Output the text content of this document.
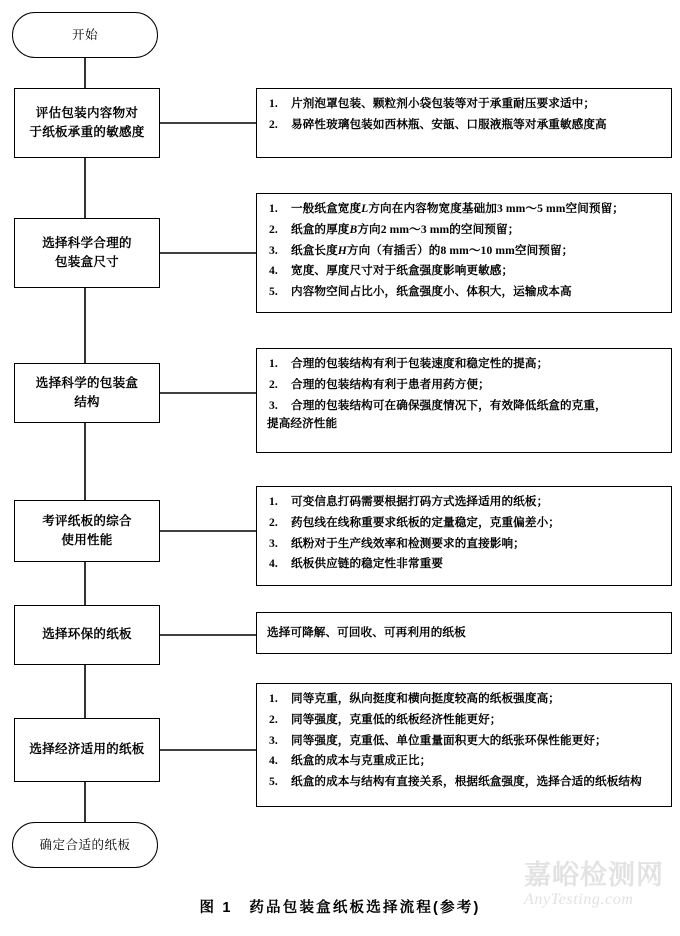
开始
评估包装内容物对
于纸板承重的敏感度
选择科学合理的
包装盒尺寸
选择科学的包装盒
结构
考评纸板的综合
使用性能
选择环保的纸板
选择经济适用的纸板
确定合适的纸板
片剂泡罩包装、颗粒剂小袋包装等对于承重耐压要求适中；
易碎性玻璃包装如西林瓶、安瓿、口服液瓶等对承重敏感度高
一般纸盒宽度L方向在内容物宽度基础加3 mm～5 mm空间预留；
纸盒的厚度B方向2 mm～3 mm的空间预留；
纸盒长度H方向（有插舌）的8 mm～10 mm空间预留；
宽度、厚度尺寸对于纸盒强度影响更敏感；
内容物空间占比小，纸盒强度小、体积大，运输成本高
合理的包装结构有利于包装速度和稳定性的提高；
合理的包装结构有利于患者用药方便；
合理的包装结构可在确保强度情况下，有效降低纸盒的克重，
提高经济性能
可变信息打码需要根据打码方式选择适用的纸板；
药包线在线称重要求纸板的定量稳定，克重偏差小；
纸粉对于生产线效率和检测要求的直接影响；
纸板供应链的稳定性非常重要
选择可降解、可回收、可再利用的纸板
同等克重，纵向挺度和横向挺度较高的纸板强度高；
同等强度，克重低的纸板经济性能更好；
同等强度，克重低、单位重量面积更大的纸张环保性能更好；
纸盒的成本与克重成正比；
纸盒的成本与结构有直接关系，根据纸盒强度，选择合适的纸板结构
图 1　药品包装盒纸板选择流程(参考)
嘉峪检测网
AnyTesting.com
